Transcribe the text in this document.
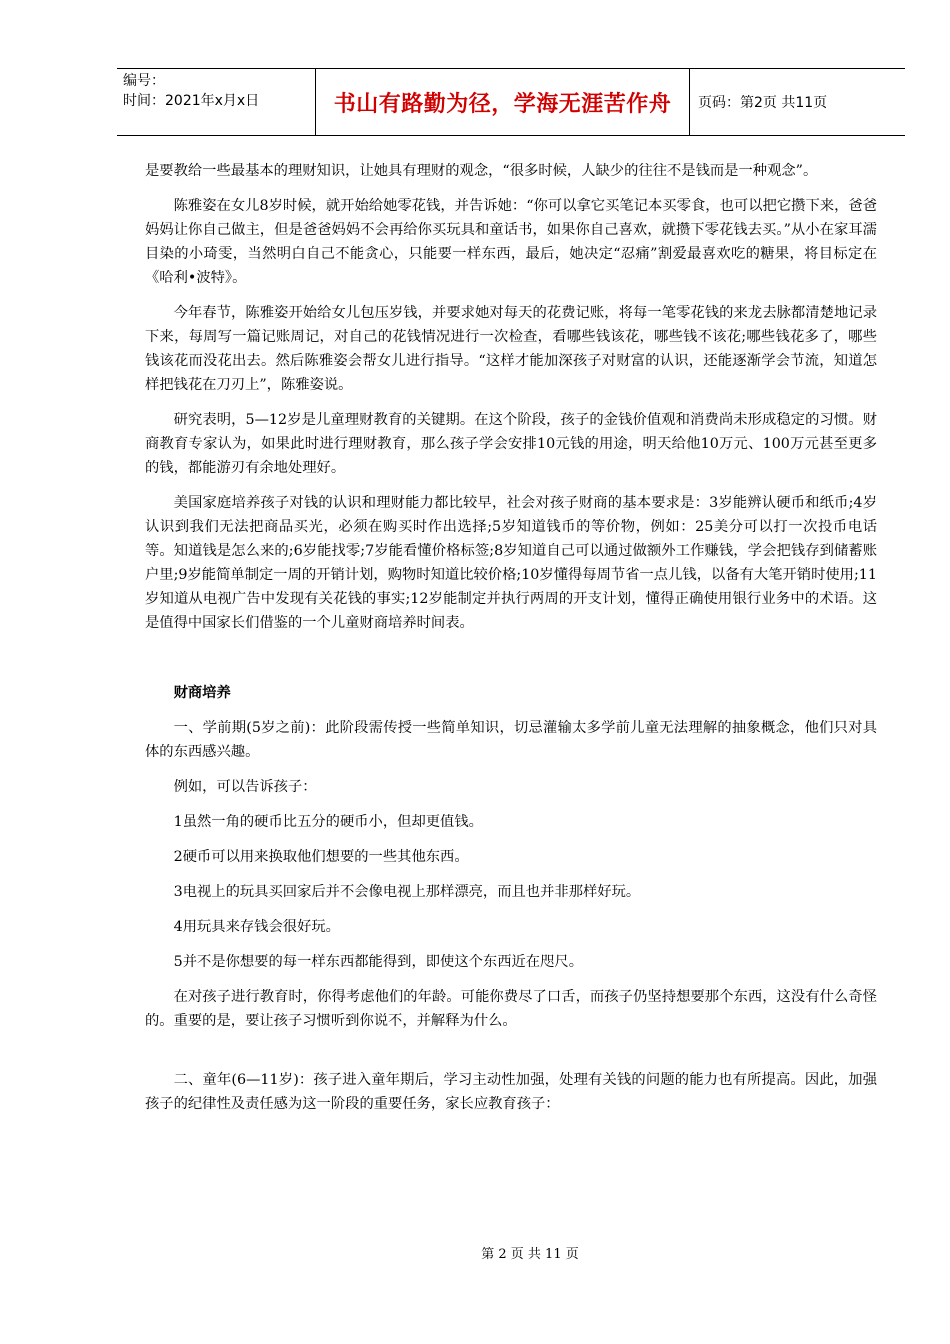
编号：
时间：2021年x月x日	书山有路勤为径，学海无涯苦作舟 页码：第2页 共11页

是要教给一些最基本的理财知识，让她具有理财的观念，“很多时候，人缺少的往往不是钱而是一种观念”。

陈雅姿在女儿8岁时候，就开始给她零花钱，并告诉她：“你可以拿它买笔记本买零食，也可以把它攒下来，爸爸妈妈让你自己做主，但是爸爸妈妈不会再给你买玩具和童话书，如果你自己喜欢，就攒下零花钱去买。”从小在家耳濡目染的小琦雯，当然明白自己不能贪心，只能要一样东西，最后，她决定“忍痛”割爱最喜欢吃的糖果，将目标定在《哈利•波特》。

今年春节，陈雅姿开始给女儿包压岁钱，并要求她对每天的花费记账，将每一笔零花钱的来龙去脉都清楚地记录下来，每周写一篇记账周记，对自己的花钱情况进行一次检查，看哪些钱该花，哪些钱不该花;哪些钱花多了，哪些钱该花而没花出去。然后陈雅姿会帮女儿进行指导。“这样才能加深孩子对财富的认识，还能逐渐学会节流，知道怎样把钱花在刀刃上”，陈雅姿说。

研究表明，5—12岁是儿童理财教育的关键期。在这个阶段，孩子的金钱价值观和消费尚未形成稳定的习惯。财商教育专家认为，如果此时进行理财教育，那么孩子学会安排10元钱的用途，明天给他10万元、100万元甚至更多的钱，都能游刃有余地处理好。

美国家庭培养孩子对钱的认识和理财能力都比较早，社会对孩子财商的基本要求是：3岁能辨认硬币和纸币;4岁认识到我们无法把商品买光，必须在购买时作出选择;5岁知道钱币的等价物，例如：25美分可以打一次投币电话等。知道钱是怎么来的;6岁能找零;7岁能看懂价格标签;8岁知道自己可以通过做额外工作赚钱，学会把钱存到储蓄账户里;9岁能简单制定一周的开销计划，购物时知道比较价格;10岁懂得每周节省一点儿钱，以备有大笔开销时使用;11岁知道从电视广告中发现有关花钱的事实;12岁能制定并执行两周的开支计划，懂得正确使用银行业务中的术语。这是值得中国家长们借鉴的一个儿童财商培养时间表。

财商培养

一、学前期(5岁之前)：此阶段需传授一些简单知识，切忌灌输太多学前儿童无法理解的抽象概念，他们只对具体的东西感兴趣。

例如，可以告诉孩子：

1虽然一角的硬币比五分的硬币小，但却更值钱。

2硬币可以用来换取他们想要的一些其他东西。

3电视上的玩具买回家后并不会像电视上那样漂亮，而且也并非那样好玩。

4用玩具来存钱会很好玩。

5并不是你想要的每一样东西都能得到，即使这个东西近在咫尺。

在对孩子进行教育时，你得考虑他们的年龄。可能你费尽了口舌，而孩子仍坚持想要那个东西，这没有什么奇怪的。重要的是，要让孩子习惯听到你说不，并解释为什么。

二、童年(6—11岁)：孩子进入童年期后，学习主动性加强，处理有关钱的问题的能力也有所提高。因此，加强孩子的纪律性及责任感为这一阶段的重要任务，家长应教育孩子：

第 2 页 共 11 页
